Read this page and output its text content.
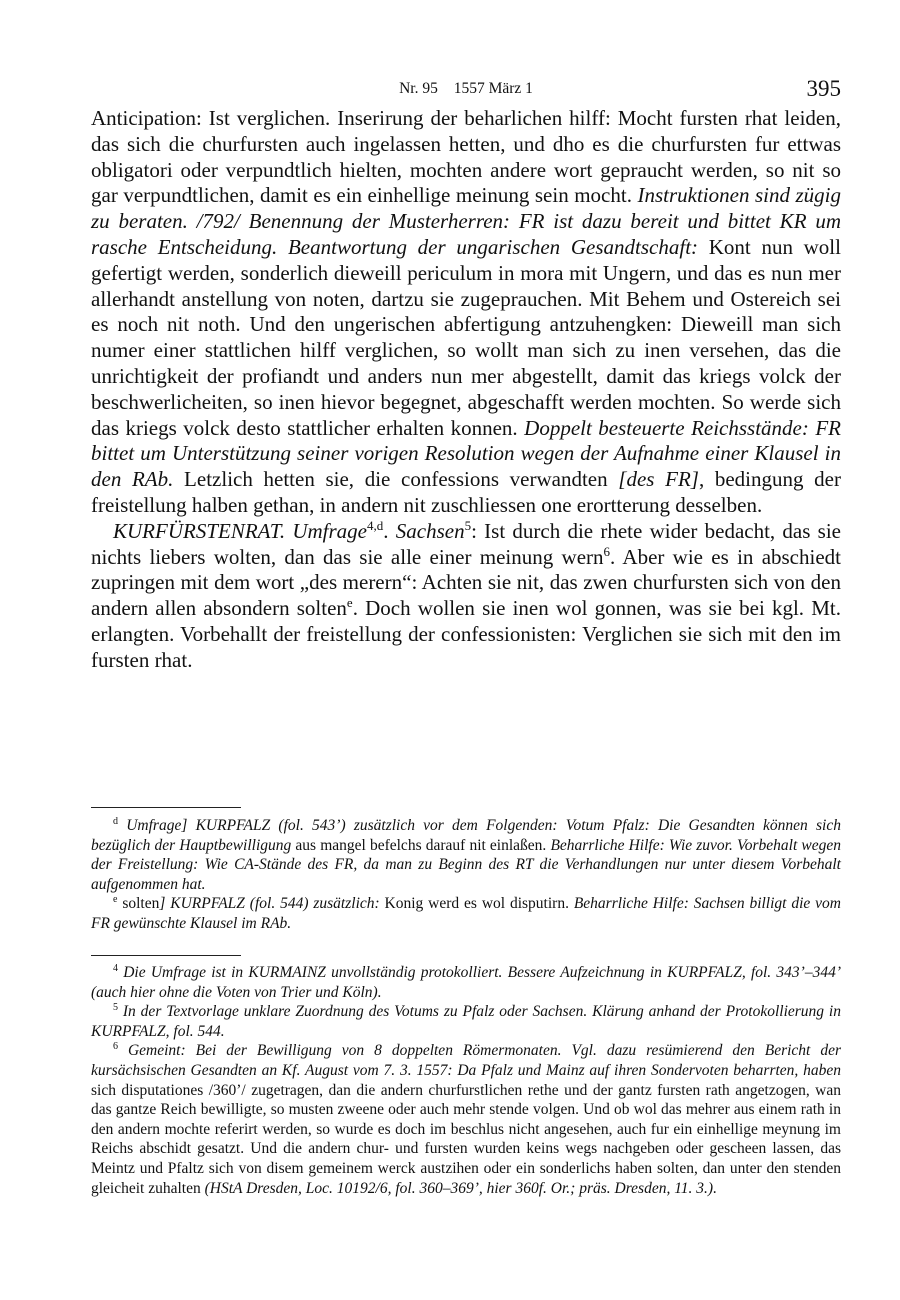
Nr. 95 1557 März 1	395

Anticipation: Ist verglichen. Inserirung der beharlichen hilff: Mocht fursten rhat leiden, das sich die churfursten auch ingelassen hetten, und dho es die churfursten fur ettwas obligatori oder verpundtlich hielten, mochten andere wort gepraucht werden, so nit so gar verpundtlichen, damit es ein einhellige meinung sein mocht. Instruktionen sind zügig zu beraten. /792/ Benennung der Musterherren: FR ist dazu bereit und bittet KR um rasche Entscheidung. Beantwortung der ungarischen Gesandtschaft: Kont nun woll gefertigt werden, sonderlich dieweill periculum in mora mit Ungern, und das es nun mer allerhandt anstellung von noten, dartzu sie zugeprauchen. Mit Behem und Ostereich sei es noch nit noth. Und den ungerischen abfertigung antzuhengken: Dieweill man sich numer einer stattlichen hilff verglichen, so wollt man sich zu inen versehen, das die unrichtigkeit der profiandt und anders nun mer abgestellt, damit das kriegs volck der beschwerlicheiten, so inen hievor begegnet, abgeschafft werden mochten. So werde sich das kriegs volck desto stattlicher erhalten konnen. Doppelt besteuerte Reichsstände: FR bittet um Unterstützung seiner vorigen Resolution wegen der Aufnahme einer Klausel in den RAb. Letzlich hetten sie, die confessions verwandten [des FR], bedingung der freistellung halben gethan, in andern nit zuschliessen one erortterung desselben.

KURFÜRSTENRAT. Umfrage$^{4,d}$. Sachsen$^5$: Ist durch die rhete wider bedacht, das sie nichts liebers wolten, dan das sie alle einer meinung wern$^6$. Aber wie es in abschiedt zupringen mit dem wort „des merern“: Achten sie nit, das zwen churfursten sich von den andern allen absondern solten$^e$. Doch wollen sie inen wol gonnen, was sie bei kgl. Mt. erlangten. Vorbehallt der freistellung der confessionisten: Verglichen sie sich mit den im fursten rhat.

$^d$ Umfrage] KURPFALZ (fol. 543’) zusätzlich vor dem Folgenden: Votum Pfalz: Die Gesandten können sich bezüglich der Hauptbewilligung aus mangel befelchs darauf nit einlaßen. Beharrliche Hilfe: Wie zuvor. Vorbehalt wegen der Freistellung: Wie CA-Stände des FR, da man zu Beginn des RT die Verhandlungen nur unter diesem Vorbehalt aufgenommen hat.

$^e$ solten] KURPFALZ (fol. 544) zusätzlich: Konig werd es wol disputirn. Beharrliche Hilfe: Sachsen billigt die vom FR gewünschte Klausel im RAb.

$^4$ Die Umfrage ist in KURMAINZ unvollständig protokolliert. Bessere Aufzeichnung in KURPFALZ, fol. 343’–344’ (auch hier ohne die Voten von Trier und Köln).

$^5$ In der Textvorlage unklare Zuordnung des Votums zu Pfalz oder Sachsen. Klärung anhand der Protokollierung in KURPFALZ, fol. 544.

$^6$ Gemeint: Bei der Bewilligung von 8 doppelten Römermonaten. Vgl. dazu resümierend den Bericht der kursächsischen Gesandten an Kf. August vom 7. 3. 1557: Da Pfalz und Mainz auf ihren Sondervoten beharrten, haben sich disputationes /360’/ zugetragen, dan die andern churfurstlichen rethe und der gantz fursten rath angetzogen, wan das gantze Reich bewilligte, so musten zweene oder auch mehr stende volgen. Und ob wol das mehrer aus einem rath in den andern mochte referirt werden, so wurde es doch im beschlus nicht angesehen, auch fur ein einhellige meynung im Reichs abschidt gesatzt. Und die andern chur- und fursten wurden keins wegs nachgeben oder gescheen lassen, das Meintz und Pfaltz sich von disem gemeinem werck austzihen oder ein sonderlichs haben solten, dan unter den stenden gleicheit zuhalten (HStA Dresden, Loc. 10192/6, fol. 360–369’, hier 360f. Or.; präs. Dresden, 11. 3.).
